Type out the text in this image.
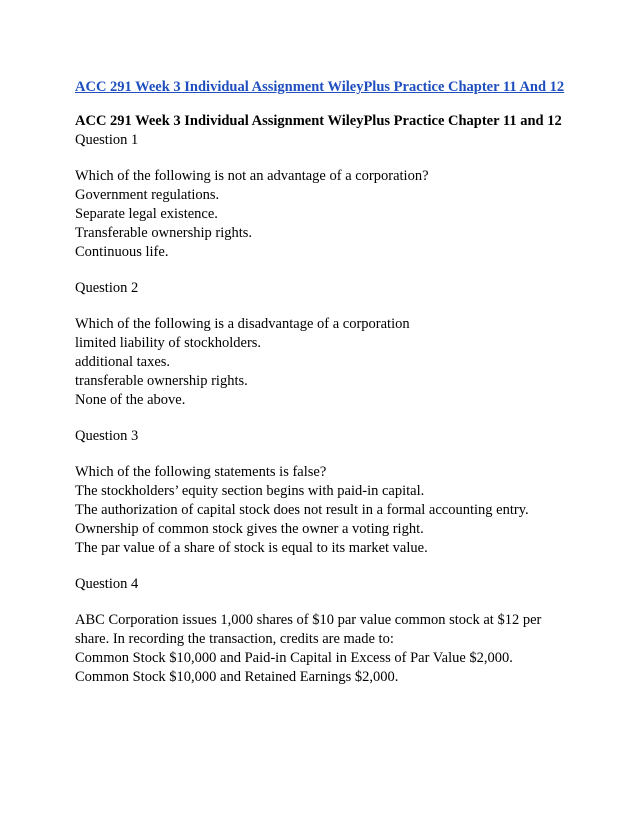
ACC 291 Week 3 Individual Assignment WileyPlus Practice Chapter 11 And 12

ACC 291 Week 3 Individual Assignment WileyPlus Practice Chapter 11 and 12

Question 1

Which of the following is not an advantage of a corporation?

Government regulations.

Separate legal existence.

Transferable ownership rights.

Continuous life.

Question 2

Which of the following is a disadvantage of a corporation

limited liability of stockholders.

additional taxes.

transferable ownership rights.

None of the above.

Question 3

Which of the following statements is false?

The stockholders’ equity section begins with paid-in capital.

The authorization of capital stock does not result in a formal accounting entry.

Ownership of common stock gives the owner a voting right.

The par value of a share of stock is equal to its market value.

Question 4

ABC Corporation issues 1,000 shares of $10 par value common stock at $12 per share. In recording the transaction, credits are made to:

Common Stock $10,000 and Paid-in Capital in Excess of Par Value $2,000.

Common Stock $10,000 and Retained Earnings $2,000.
